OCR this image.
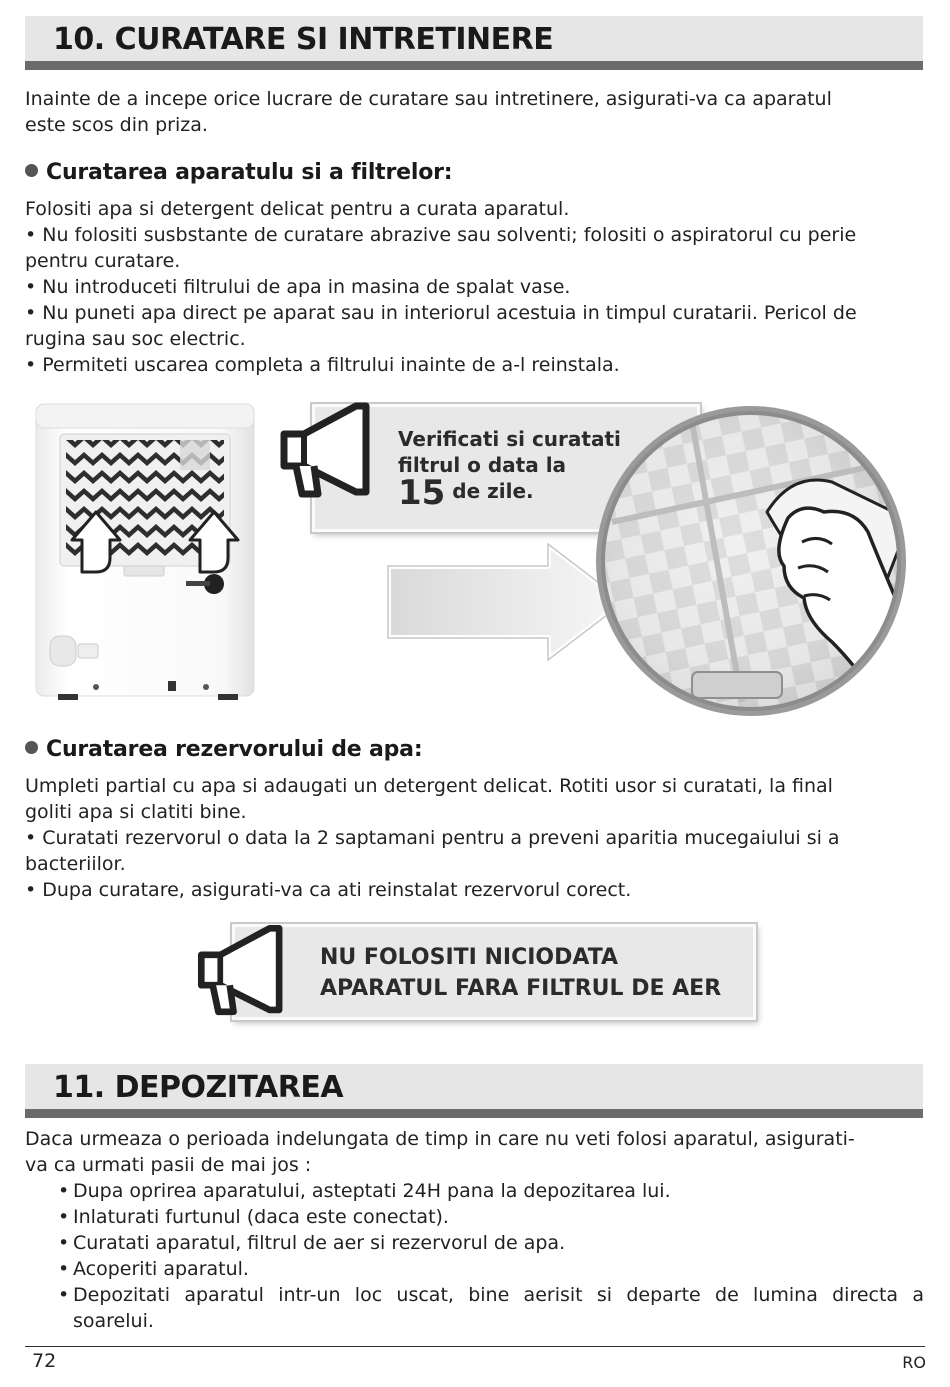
10. CURATARE SI INTRETINERE

Inainte de a incepe orice lucrare de curatare sau intretinere, asigurati-va ca aparatul

este scos din priza.

Curatarea aparatulu si a filtrelor:

Folositi apa si detergent delicat pentru a curata aparatul.

• Nu folositi susbstante de curatare abrazive sau solventi; folositi o aspiratorul cu perie

pentru curatare.

• Nu introduceti filtrului de apa in masina de spalat vase.

• Nu puneti apa direct pe aparat sau in interiorul acestuia in timpul curatarii. Pericol de

rugina sau soc electric.

• Permiteti uscarea completa a filtrului inainte de a-l reinstala.

Verificati si curatati
filtrul o data la
15 de zile.
Curatarea rezervorului de apa:

Umpleti partial cu apa si adaugati un detergent delicat. Rotiti usor si curatati, la final

goliti apa si clatiti bine.

• Curatati rezervorul o data la 2 saptamani pentru a preveni aparitia mucegaiului si a

bacteriilor.

• Dupa curatare, asigurati-va ca ati reinstalat rezervorul corect.

NU FOLOSITI NICIODATA
APARATUL FARA FILTRUL DE AER
11. DEPOZITAREA

Daca urmeaza o perioada indelungata de timp in care nu veti folosi aparatul, asigurati-

va ca urmati pasii de mai jos :

• Dupa oprirea aparatului, asteptati 24H pana la depozitarea lui.
• Inlaturati furtunul (daca este conectat).
• Curatati aparatul, filtrul de aer si rezervorul de apa.
• Acoperiti aparatul.
• Depozitati aparatul intr-un loc uscat, bine aerisit si departe de lumina directa a
soarelui.
72	RO
